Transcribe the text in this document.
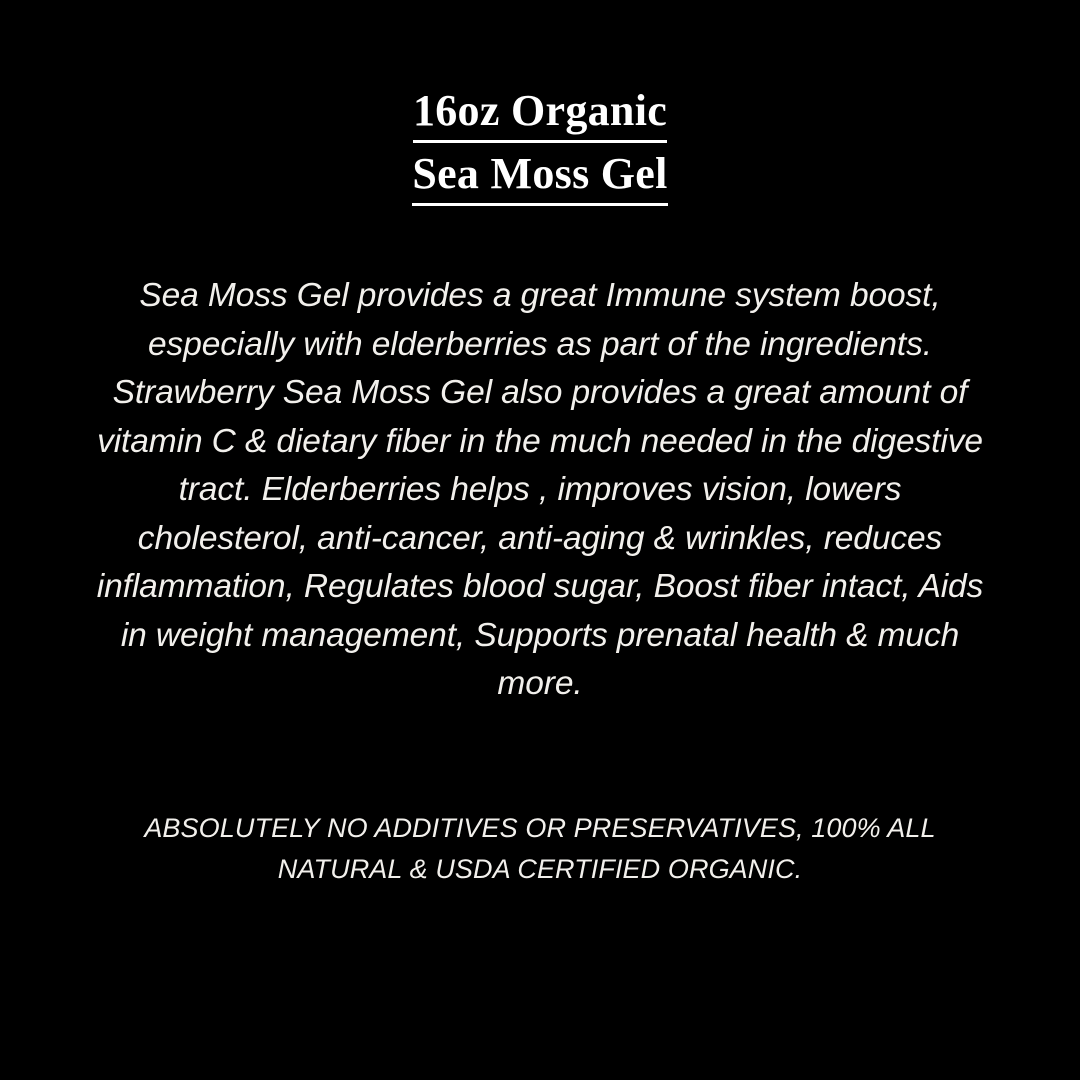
16oz Organic
Sea Moss Gel

Sea Moss Gel provides a great Immune system boost, especially with elderberries as part of the ingredients. Strawberry Sea Moss Gel also provides a great amount of vitamin C & dietary fiber in the much needed in the digestive tract. Elderberries helps , improves vision, lowers cholesterol, anti-cancer, anti-aging & wrinkles, reduces inflammation, Regulates blood sugar, Boost fiber intact, Aids in weight management, Supports prenatal health & much more.

ABSOLUTELY NO ADDITIVES OR PRESERVATIVES, 100% ALL NATURAL & USDA CERTIFIED ORGANIC.
